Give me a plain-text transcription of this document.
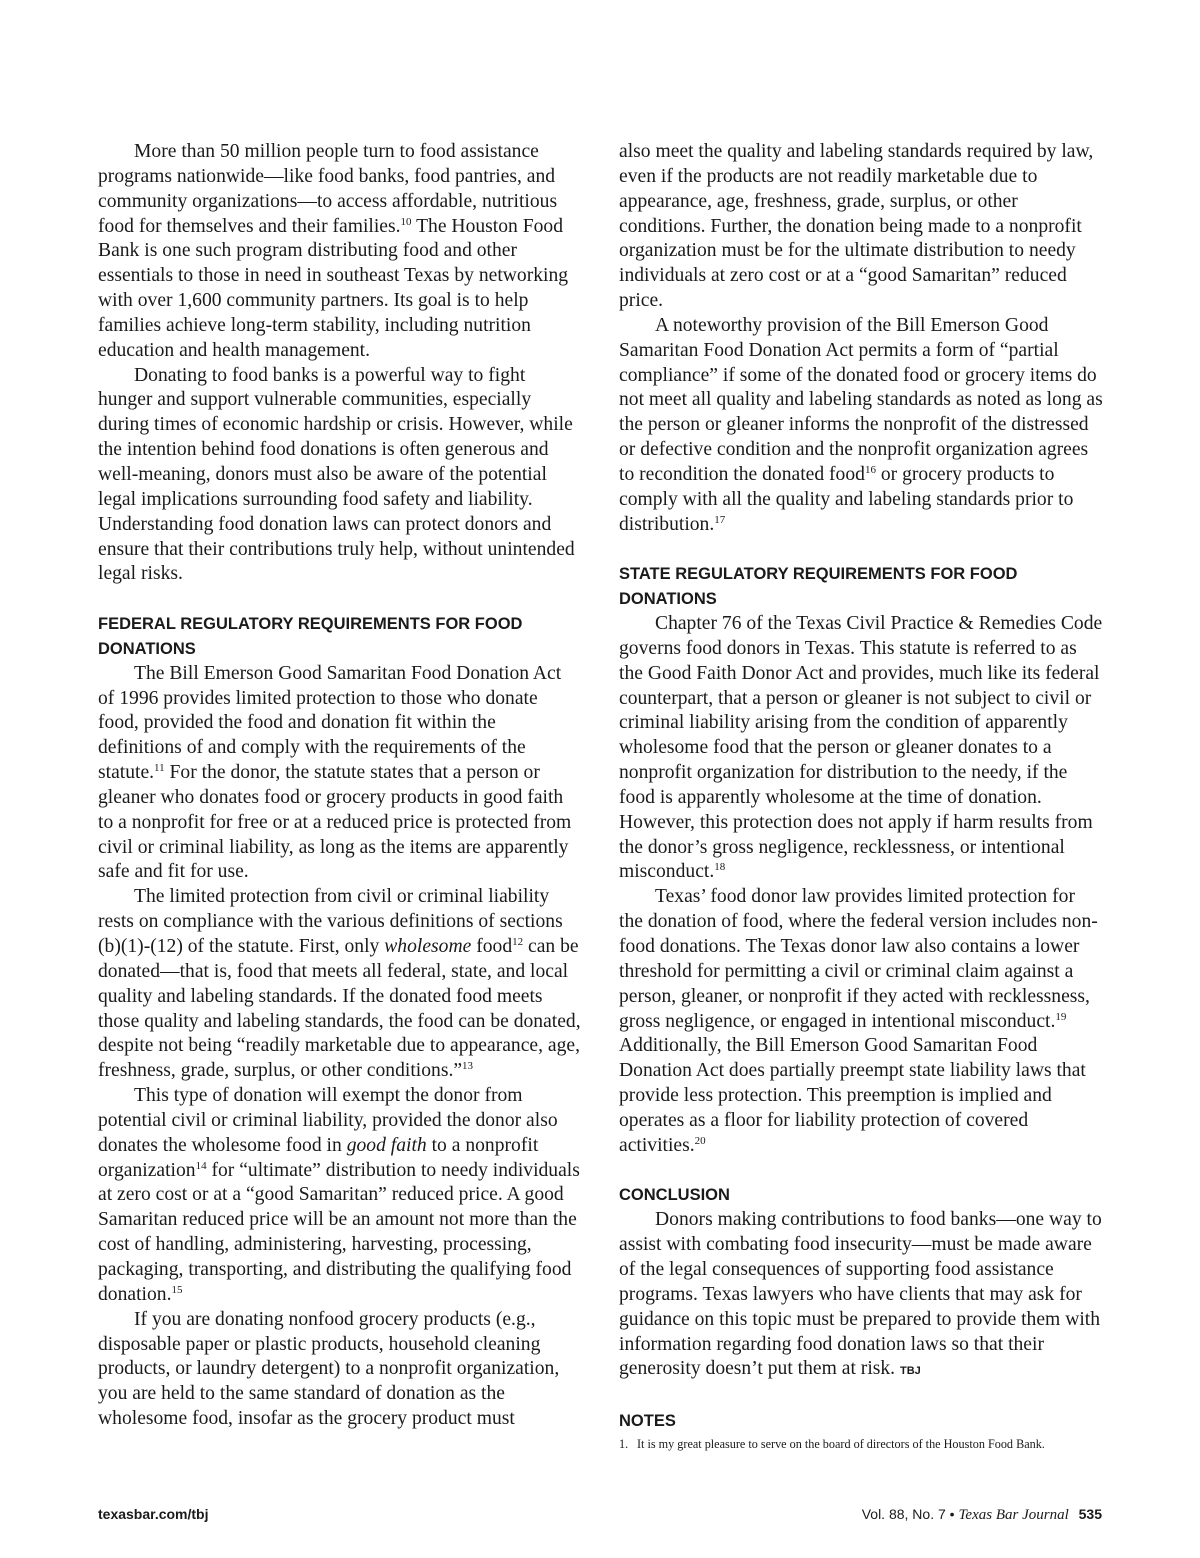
More than 50 million people turn to food assistance programs nationwide—like food banks, food pantries, and community organizations—to access affordable, nutritious food for themselves and their families.$^{10}$ The Houston Food Bank is one such program distributing food and other essentials to those in need in southeast Texas by networking with over 1,600 community partners. Its goal is to help families achieve long-term stability, including nutrition education and health management.

Donating to food banks is a powerful way to fight hunger and support vulnerable communities, especially during times of economic hardship or crisis. However, while the intention behind food donations is often generous and well-meaning, donors must also be aware of the potential legal implications surrounding food safety and liability. Understanding food donation laws can protect donors and ensure that their contributions truly help, without unintended legal risks.

FEDERAL REGULATORY REQUIREMENTS FOR FOOD DONATIONS

The Bill Emerson Good Samaritan Food Donation Act of 1996 provides limited protection to those who donate food, provided the food and donation fit within the definitions of and comply with the requirements of the statute.$^{11}$ For the donor, the statute states that a person or gleaner who donates food or grocery products in good faith to a nonprofit for free or at a reduced price is protected from civil or criminal liability, as long as the items are apparently safe and fit for use.

The limited protection from civil or criminal liability rests on compliance with the various definitions of sections (b)(1)-(12) of the statute. First, only wholesome food$^{12}$ can be donated—that is, food that meets all federal, state, and local quality and labeling standards. If the donated food meets those quality and labeling standards, the food can be donated, despite not being “readily marketable due to appearance, age, freshness, grade, surplus, or other conditions.”$^{13}$

This type of donation will exempt the donor from potential civil or criminal liability, provided the donor also donates the wholesome food in good faith to a nonprofit organization$^{14}$ for “ultimate” distribution to needy individuals at zero cost or at a “good Samaritan” reduced price. A good Samaritan reduced price will be an amount not more than the cost of handling, administering, harvesting, processing, packaging, transporting, and distributing the qualifying food donation.$^{15}$

If you are donating nonfood grocery products (e.g., disposable paper or plastic products, household cleaning products, or laundry detergent) to a nonprofit organization, you are held to the same standard of donation as the wholesome food, insofar as the grocery product must

also meet the quality and labeling standards required by law, even if the products are not readily marketable due to appearance, age, freshness, grade, surplus, or other conditions. Further, the donation being made to a nonprofit organization must be for the ultimate distribution to needy individuals at zero cost or at a “good Samaritan” reduced price.

A noteworthy provision of the Bill Emerson Good Samaritan Food Donation Act permits a form of “partial compliance” if some of the donated food or grocery items do not meet all quality and labeling standards as noted as long as the person or gleaner informs the nonprofit of the distressed or defective condition and the nonprofit organization agrees to recondition the donated food$^{16}$ or grocery products to comply with all the quality and labeling standards prior to distribution.$^{17}$

STATE REGULATORY REQUIREMENTS FOR FOOD DONATIONS

Chapter 76 of the Texas Civil Practice & Remedies Code governs food donors in Texas. This statute is referred to as the Good Faith Donor Act and provides, much like its federal counterpart, that a person or gleaner is not subject to civil or criminal liability arising from the condition of apparently wholesome food that the person or gleaner donates to a nonprofit organization for distribution to the needy, if the food is apparently wholesome at the time of donation. However, this protection does not apply if harm results from the donor’s gross negligence, recklessness, or intentional misconduct.$^{18}$

Texas’ food donor law provides limited protection for the donation of food, where the federal version includes non-food donations. The Texas donor law also contains a lower threshold for permitting a civil or criminal claim against a person, gleaner, or nonprofit if they acted with recklessness, gross negligence, or engaged in intentional misconduct.$^{19}$ Additionally, the Bill Emerson Good Samaritan Food Donation Act does partially preempt state liability laws that provide less protection. This preemption is implied and operates as a floor for liability protection of covered activities.$^{20}$

CONCLUSION

Donors making contributions to food banks—one way to assist with combating food insecurity—must be made aware of the legal consequences of supporting food assistance programs. Texas lawyers who have clients that may ask for guidance on this topic must be prepared to provide them with information regarding food donation laws so that their generosity doesn’t put them at risk. TBJ

NOTES
1. It is my great pleasure to serve on the board of directors of the Houston Food Bank.
texasbar.com/tbj	Vol. 88, No. 7 • Texas Bar Journal 535
